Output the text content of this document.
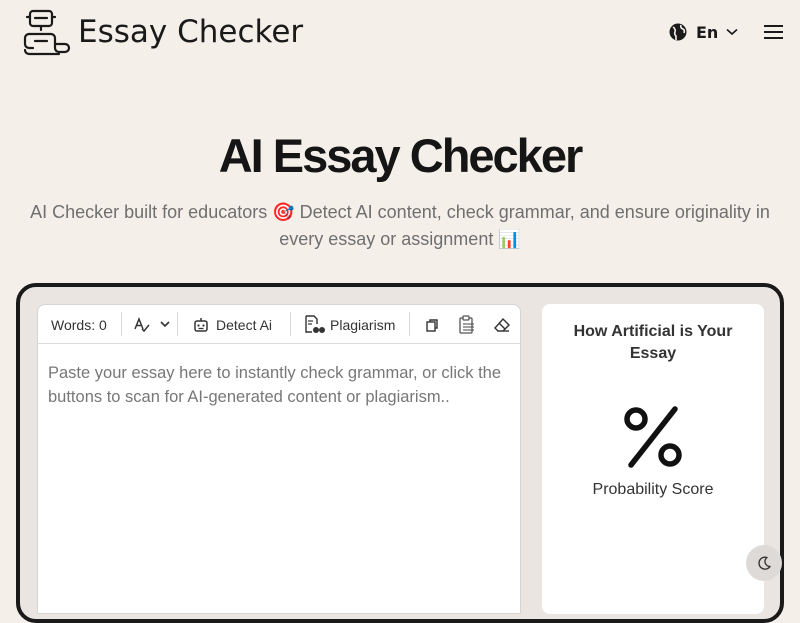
Essay Checker	En
AI Essay Checker

AI Checker built for educators 🎯 Detect AI content, check grammar, and ensure originality in every essay or assignment 📊

Words: 0	Detect Ai	Plagiarism
Paste your essay here to instantly check grammar, or click the buttons to scan for AI-generated content or plagiarism..
How Artificial is Your Essay
Probability Score
